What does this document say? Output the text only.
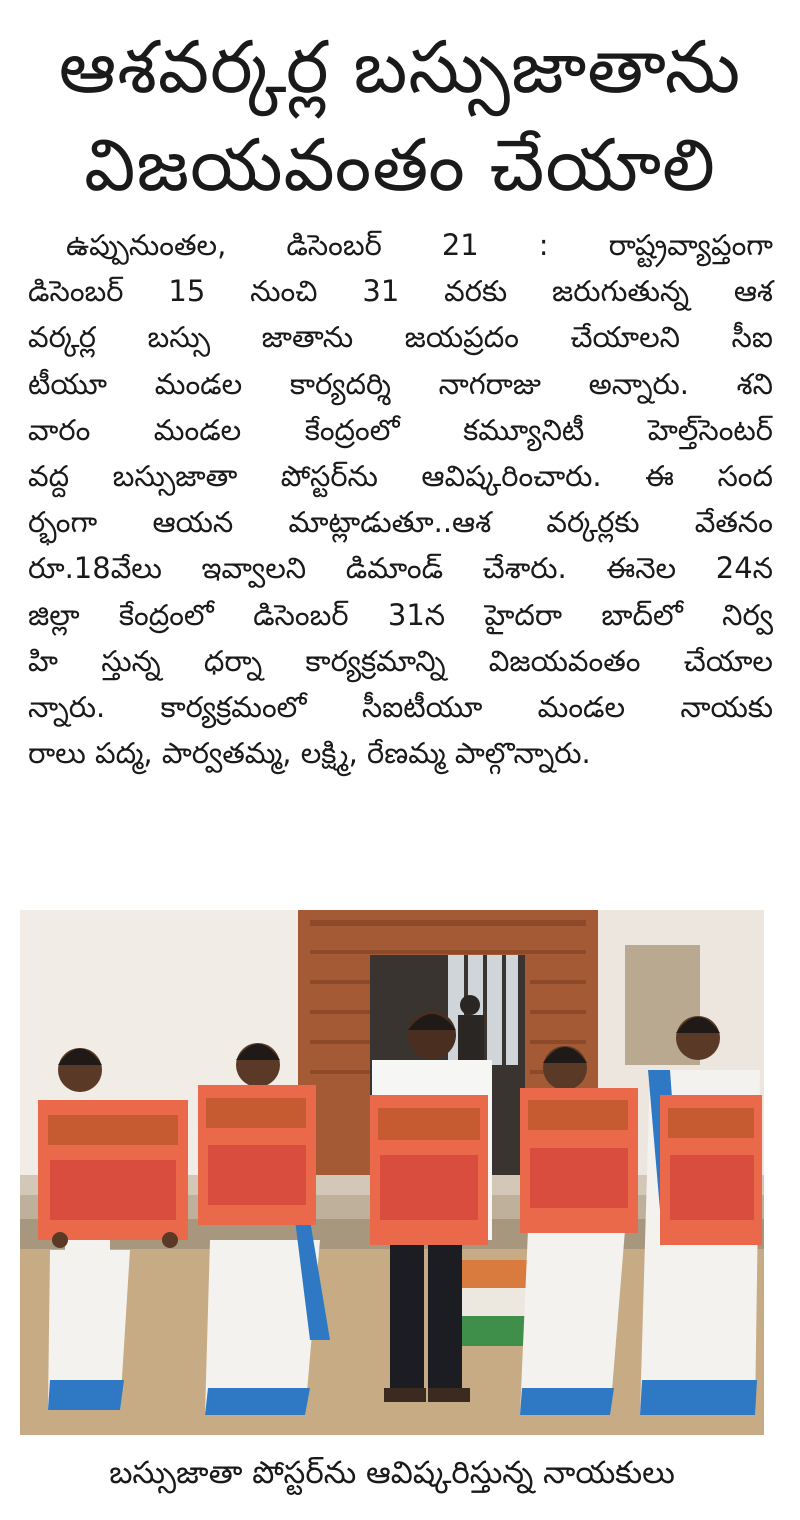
ఆశవర్కర్ల బస్సుజాతాను
విజయవంతం చేయాలి
ఉప్పునుంతల, డిసెంబర్ 21 : రాష్ట్రవ్యాప్తంగా
డిసెంబర్ 15 నుంచి 31 వరకు జరుగుతున్న ఆశ
వర్కర్ల బస్సు జాతాను జయప్రదం చేయాలని సీఐ
టీయూ మండల కార్యదర్శి నాగరాజు అన్నారు. శని
వారం మండల కేంద్రంలో కమ్యూనిటీ హెల్త్‌సెంటర్
వద్ద బస్సుజాతా పోస్టర్‌ను ఆవిష్కరించారు. ఈ సంద
ర్భంగా ఆయన మాట్లాడుతూ..ఆశ వర్కర్లకు వేతనం
రూ.18వేలు ఇవ్వాలని డిమాండ్ చేశారు. ఈనెల 24న
జిల్లా కేంద్రంలో డిసెంబర్ 31న హైదరా బాద్‌లో నిర్వ
హి స్తున్న ధర్నా కార్యక్రమాన్ని విజయవంతం చేయాల
న్నారు. కార్యక్రమంలో సీఐటీయూ మండల నాయకు
రాలు పద్మ, పార్వతమ్మ, లక్ష్మి, రేణమ్మ పాల్గొన్నారు.
బస్సుజాతా పోస్టర్‌ను ఆవిష్కరిస్తున్న నాయకులు
